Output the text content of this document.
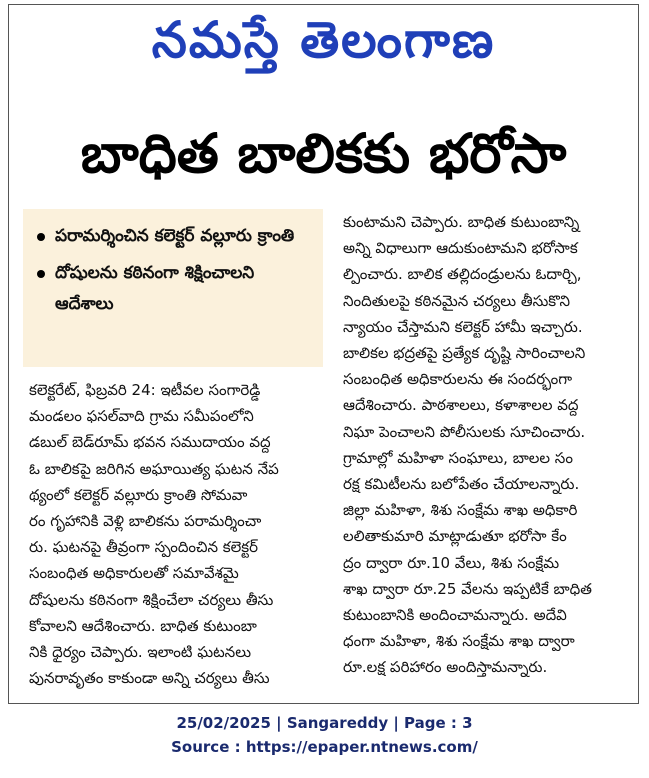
నమస్తే తెలంగాణ
బాధిత బాలికకు భరోసా
పరామర్శించిన కలెక్టర్ వల్లూరు క్రాంతి
దోషులను కఠినంగా శిక్షించాలని ఆదేశాలు
కలెక్టరేట్, ఫిబ్రవరి 24: ఇటీవల సంగారెడ్డి
మండలం ఫసల్‌వాది గ్రామ సమీపంలోని
డబుల్ బెడ్‌రూమ్ భవన సముదాయం వద్ద
ఓ బాలికపై జరిగిన అఘాయిత్య ఘటన నేప
థ్యంలో కలెక్టర్ వల్లూరు క్రాంతి సోమవా
రం గృహానికి వెళ్లి బాలికను పరామర్శించా
రు. ఘటనపై తీవ్రంగా స్పందించిన కలెక్టర్
సంబంధిత అధికారులతో సమావేశమై
దోషులను కఠినంగా శిక్షించేలా చర్యలు తీసు
కోవాలని ఆదేశించారు. బాధిత కుటుంబా
నికి ధైర్యం చెప్పారు. ఇలాంటి ఘటనలు
పునరావృతం కాకుండా అన్ని చర్యలు తీసు
కుంటామని చెప్పారు. బాధిత కుటుంబాన్ని
అన్ని విధాలుగా ఆదుకుంటామని భరోసాక
ల్పించారు. బాలిక తల్లిదండ్రులను ఓదార్చి,
నిందితులపై కఠినమైన చర్యలు తీసుకొని
న్యాయం చేస్తామని కలెక్టర్ హామీ ఇచ్చారు.
బాలికల భద్రతపై ప్రత్యేక దృష్టి సారించాలని
సంబంధిత అధికారులను ఈ సందర్భంగా
ఆదేశించారు. పాఠశాలలు, కళాశాలల వద్ద
నిఘా పెంచాలని పోలీసులకు సూచించారు.
గ్రామాల్లో మహిళా సంఘాలు, బాలల సం
రక్ష కమిటీలను బలోపేతం చేయాలన్నారు.
జిల్లా మహిళా, శిశు సంక్షేమ శాఖ అధికారి
లలితాకుమారి మాట్లాడుతూ భరోసా కేం
ద్రం ద్వారా రూ.10 వేలు, శిశు సంక్షేమ
శాఖ ద్వారా రూ.25 వేలను ఇప్పటికే బాధిత
కుటుంబానికి అందించామన్నారు. అదేవి
ధంగా మహిళా, శిశు సంక్షేమ శాఖ ద్వారా
రూ.లక్ష పరిహారం అందిస్తామన్నారు.
25/02/2025 | Sangareddy | Page : 3
Source : https://epaper.ntnews.com/
